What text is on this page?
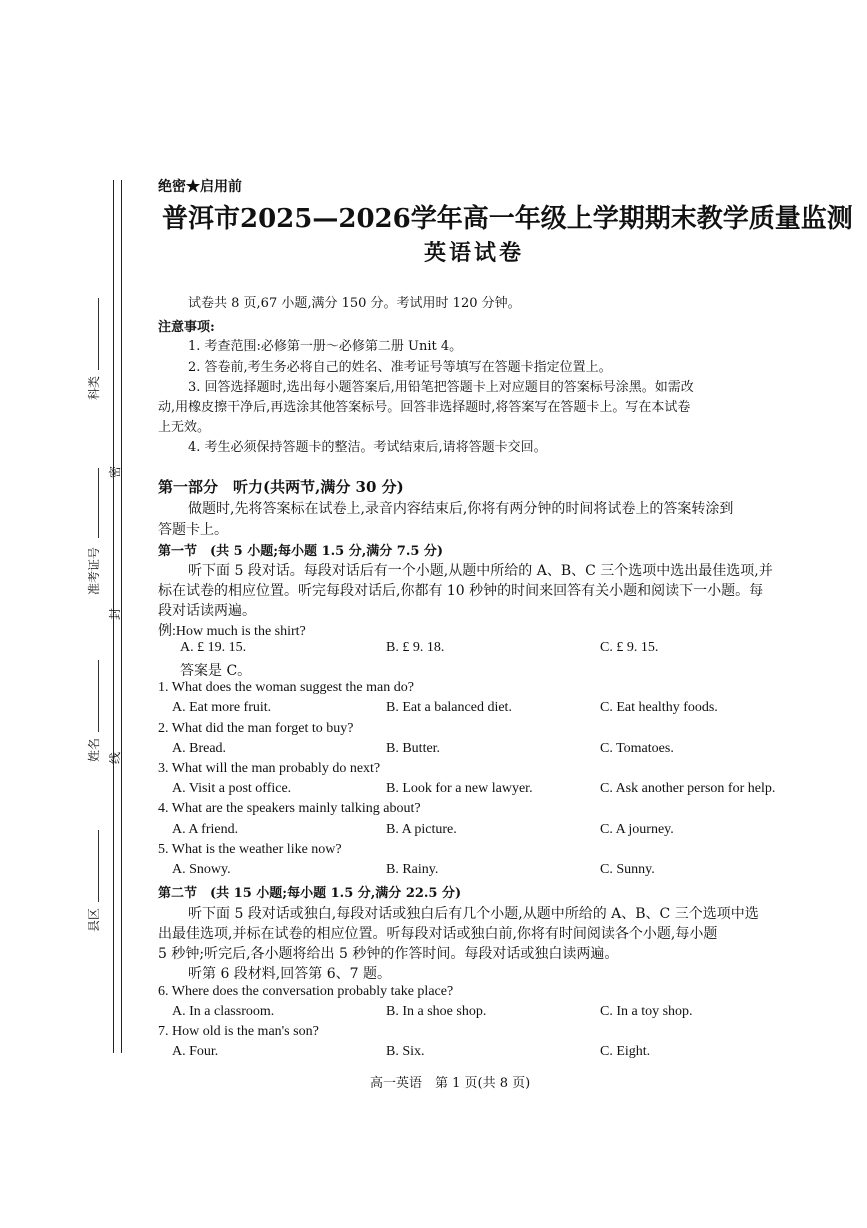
科类
准考证号
姓名
县区
密
封
线
绝密★启用前
普洱市2025—2026学年高一年级上学期期末教学质量监测
英语试卷
试卷共 8 页,67 小题,满分 150 分。考试用时 120 分钟。
注意事项:
1. 考查范围:必修第一册～必修第二册 Unit 4。
2. 答卷前,考生务必将自己的姓名、准考证号等填写在答题卡指定位置上。
3. 回答选择题时,选出每小题答案后,用铅笔把答题卡上对应题目的答案标号涂黑。如需改
动,用橡皮擦干净后,再选涂其他答案标号。回答非选择题时,将答案写在答题卡上。写在本试卷
上无效。
4. 考生必须保持答题卡的整洁。考试结束后,请将答题卡交回。
第一部分　听力(共两节,满分 30 分)
做题时,先将答案标在试卷上,录音内容结束后,你将有两分钟的时间将试卷上的答案转涂到
答题卡上。
第一节　(共 5 小题;每小题 1.5 分,满分 7.5 分)
听下面 5 段对话。每段对话后有一个小题,从题中所给的 A、B、C 三个选项中选出最佳选项,并
标在试卷的相应位置。听完每段对话后,你都有 10 秒钟的时间来回答有关小题和阅读下一小题。每
段对话读两遍。
例:How much is the shirt?
A. £ 19. 15.	B. £ 9. 18.	C. £ 9. 15.
答案是 C。
1. What does the woman suggest the man do?
A. Eat more fruit.	B. Eat a balanced diet.	C. Eat healthy foods.
2. What did the man forget to buy?
A. Bread.	B. Butter.	C. Tomatoes.
3. What will the man probably do next?
A. Visit a post office.	B. Look for a new lawyer.	C. Ask another person for help.
4. What are the speakers mainly talking about?
A. A friend.	B. A picture.	C. A journey.
5. What is the weather like now?
A. Snowy.	B. Rainy.	C. Sunny.
第二节　(共 15 小题;每小题 1.5 分,满分 22.5 分)
听下面 5 段对话或独白,每段对话或独白后有几个小题,从题中所给的 A、B、C 三个选项中选
出最佳选项,并标在试卷的相应位置。听每段对话或独白前,你将有时间阅读各个小题,每小题
5 秒钟;听完后,各小题将给出 5 秒钟的作答时间。每段对话或独白读两遍。
听第 6 段材料,回答第 6、7 题。
6. Where does the conversation probably take place?
A. In a classroom.	B. In a shoe shop.	C. In a toy shop.
7. How old is the man's son?
A. Four.	B. Six.	C. Eight.
高一英语　第 1 页(共 8 页)
